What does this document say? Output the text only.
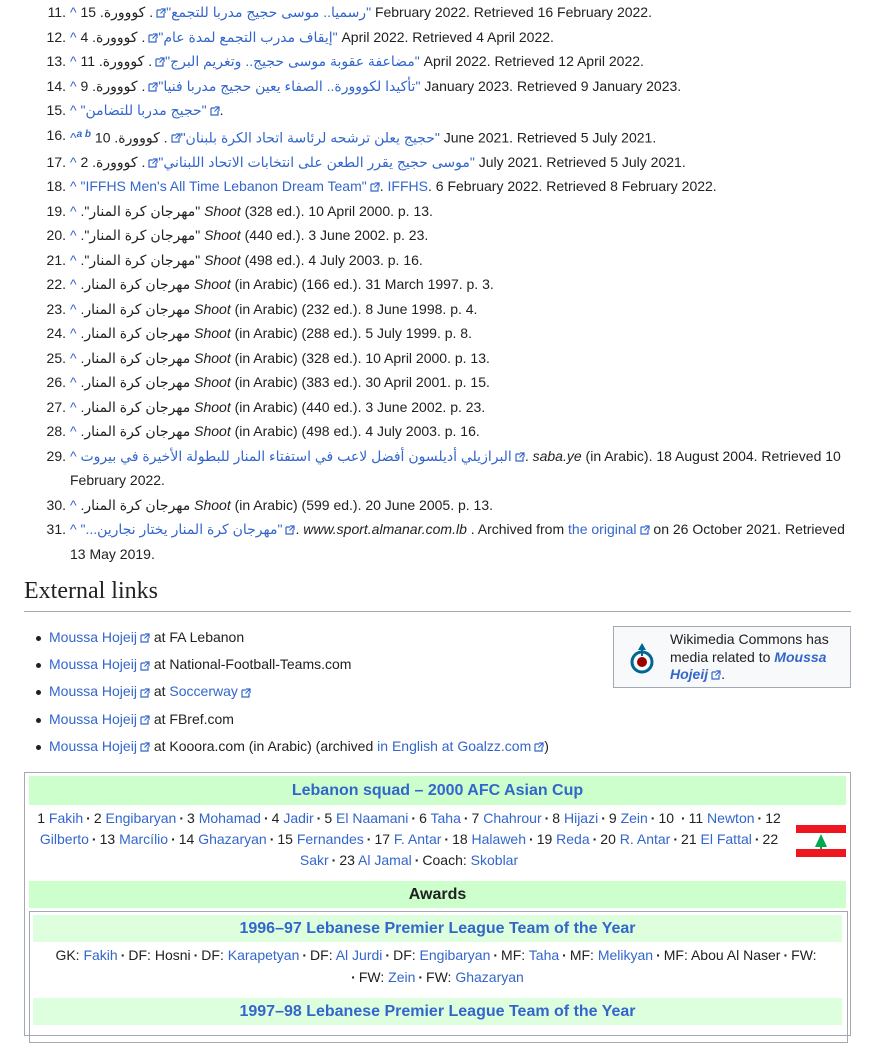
11. ^	"رسميا.. موسى حجيج مدربا للتجمع"
. كووورة. 15	February 2022. Retrieved 16 February 2022.
12. ^	"إيقاف مدرب التجمع لمدة عام"
. كووورة. 4	April 2022. Retrieved 4 April 2022.
13. ^	"مضاعفة عقوبة موسى حجيج.. وتغريم البرج"
. كووورة. 11	April 2022. Retrieved 12 April 2022.
14. ^	"تأكيدا لكووورة.. الصفاء يعين حجيج مدربا فنيا"
. كووورة. 9	January 2023. Retrieved 9 January 2023.
15. ^ "حجيج مدربا للتضامن" .
16. ^$^{a b}$	"حجيج يعلن ترشحه لرئاسة اتحاد الكرة بلبنان"
. كووورة. 10	June 2021. Retrieved 5 July 2021.
17. ^	"موسى حجيج يقرر الطعن على انتخابات الاتحاد اللبناني"
. كووورة. 2	July 2021. Retrieved 5 July 2021.
18. ^ "IFFHS Men's All Time Lebanon Dream Team" . IFFHS. 6 February 2022. Retrieved 8 February 2022.
19. ^ "مهرجان كرة المنار". Shoot (328 ed.). 10 April 2000. p. 13.
20. ^ "مهرجان كرة المنار". Shoot (440 ed.). 3 June 2002. p. 23.
21. ^ "مهرجان كرة المنار". Shoot (498 ed.). 4 July 2003. p. 16.
22. ^ مهرجان كرة المنار. Shoot (in Arabic) (166 ed.). 31 March 1997. p. 3.
23. ^ مهرجان كرة المنار. Shoot (in Arabic) (232 ed.). 8 June 1998. p. 4.
24. ^ مهرجان كرة المنار. Shoot (in Arabic) (288 ed.). 5 July 1999. p. 8.
25. ^ مهرجان كرة المنار. Shoot (in Arabic) (328 ed.). 10 April 2000. p. 13.
26. ^ مهرجان كرة المنار. Shoot (in Arabic) (383 ed.). 30 April 2001. p. 15.
27. ^ مهرجان كرة المنار. Shoot (in Arabic) (440 ed.). 3 June 2002. p. 23.
28. ^ مهرجان كرة المنار. Shoot (in Arabic) (498 ed.). 4 July 2003. p. 16.
29. ^ البرازيلي أديلسون أفضل لاعب في استفتاء المنار للبطولة الأخيرة في بيروت . saba.ye (in Arabic). 18 August 2004. Retrieved 10 February 2022.
30. ^ مهرجان كرة المنار. Shoot (in Arabic) (599 ed.). 20 June 2005. p. 13.
31. ^ "مهرجان كرة المنار يختار نجارين..." . www.sport.almanar.com.lb . Archived from the original on 26 October 2021. Retrieved 13 May 2019.
External links
Moussa Hojeij at FA Lebanon
Moussa Hojeij at National-Football-Teams.com
Moussa Hojeij at Soccerway
Moussa Hojeij at FBref.com
Moussa Hojeij at Kooora.com (in Arabic) (archived in English at Goalzz.com )
Wikimedia Commons has media related to Moussa Hojeij .
Lebanon squad – 2000 AFC Asian Cup
1 Fakih · 2 Engibaryan · 3 Mohamad · 4 Jadir · 5 El Naamani · 6 Taha · 7 Chahrour · 8 Hijazi · 9 Zein · 10 · 11 Newton · 12 Gilberto · 13 Marcílio · 14 Ghazaryan · 15 Fernandes · 17 F. Antar · 18 Halaweh · 19 Reda · 20 R. Antar · 21 El Fattal · 22 Sakr · 23 Al Jamal · Coach: Skoblar
Awards
1996–97 Lebanese Premier League Team of the Year
GK: Fakih · DF: Hosni · DF: Karapetyan · DF: Al Jurdi · DF: Engibaryan · MF: Taha · MF: Melikyan · MF: Abou Al Naser · FW: · FW: Zein · FW: Ghazaryan
1997–98 Lebanese Premier League Team of the Year
